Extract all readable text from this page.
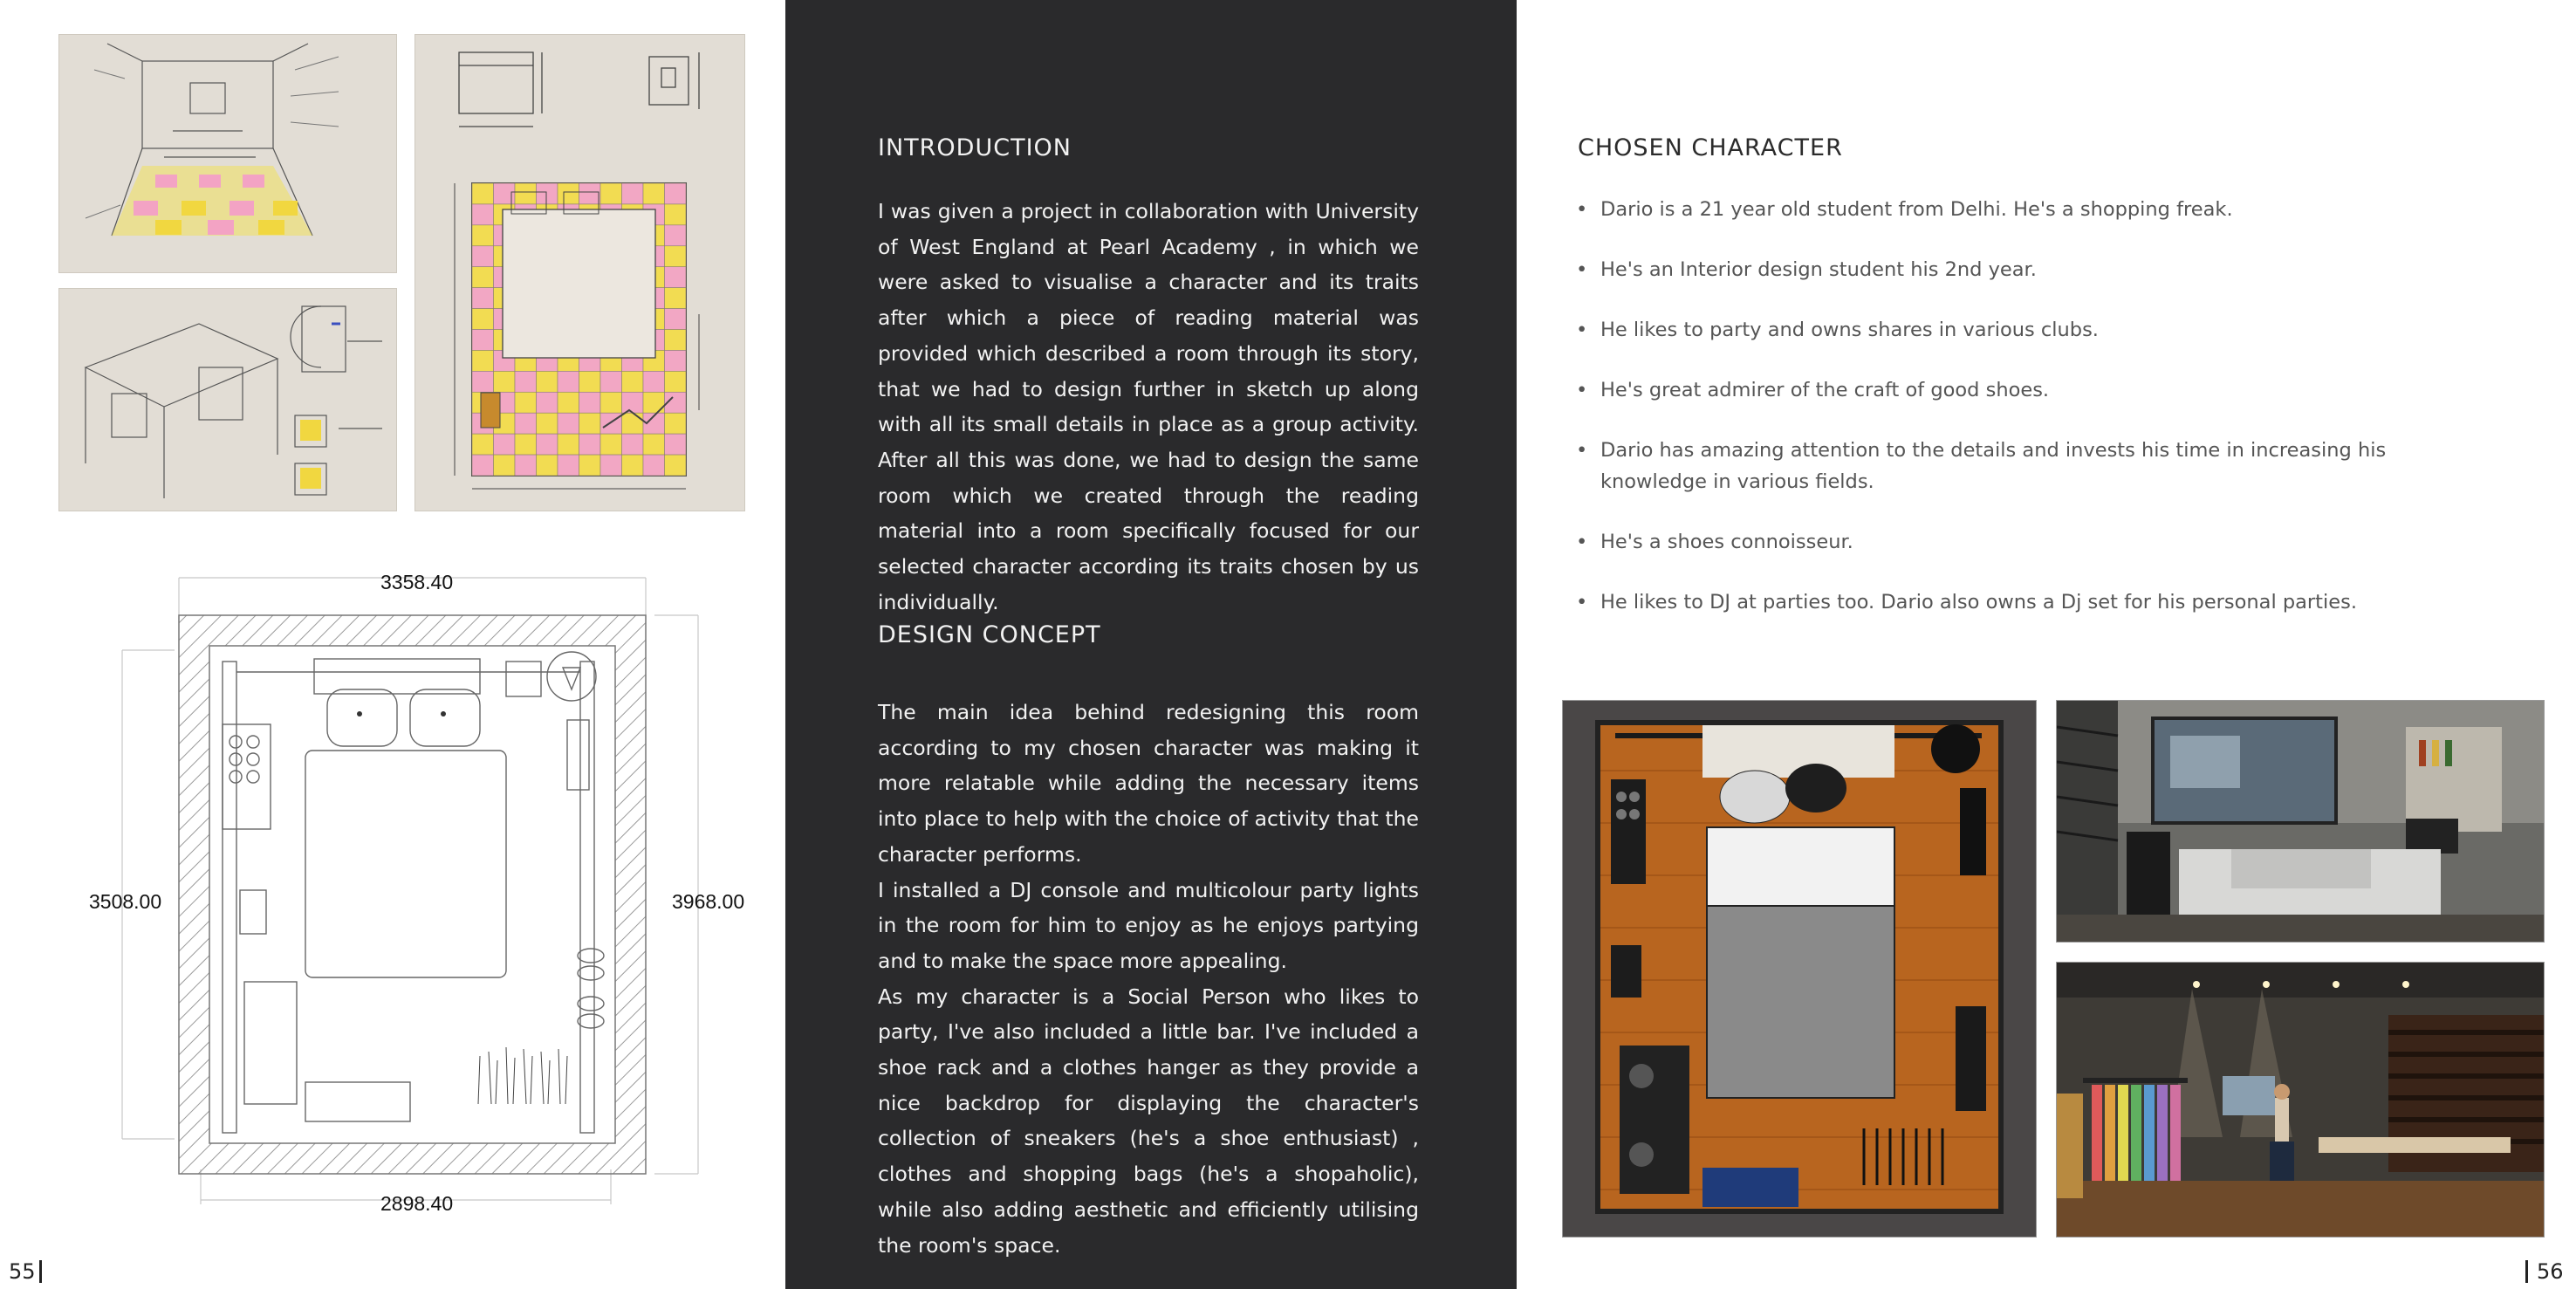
3358.40
3508.00	3968.00
2898.40
55
INTRODUCTION

I was given a project in collaboration with University of West England at Pearl Academy , in which we were asked to visualise a character and its traits after which a piece of reading material was provided which described a room through its story, that we had to design further in sketch up along with all its small details in place as a group activity. After all this was done, we had to design the same room which we created through the reading material into a room specifically focused for our selected character according its traits chosen by us individually.

DESIGN CONCEPT

The main idea behind redesigning this room according to my chosen character was making it more relatable while adding the necessary items into place to help with the choice of activity that the character performs.

I installed a DJ console and multicolour party lights in the room for him to enjoy as he enjoys partying and to make the space more appealing.

As my character is a Social Person who likes to party, I've also included a little bar. I've included a shoe rack and a clothes hanger as they provide a nice backdrop for displaying the character's collection of sneakers (he's a shoe enthusiast) , clothes and shopping bags (he's a shopaholic), while also adding aesthetic and efficiently utilising the room's space.

CHOSEN CHARACTER
• Dario is a 21 year old student from Delhi. He's a shopping freak.
• He's an Interior design student his 2nd year.
• He likes to party and owns shares in various clubs.
• He's great admirer of the craft of good shoes.
• Dario has amazing attention to the details and invests his time in increasing his knowledge in various fields.
• He's a shoes connoisseur.
• He likes to DJ at parties too. Dario also owns a Dj set for his personal parties.
56
